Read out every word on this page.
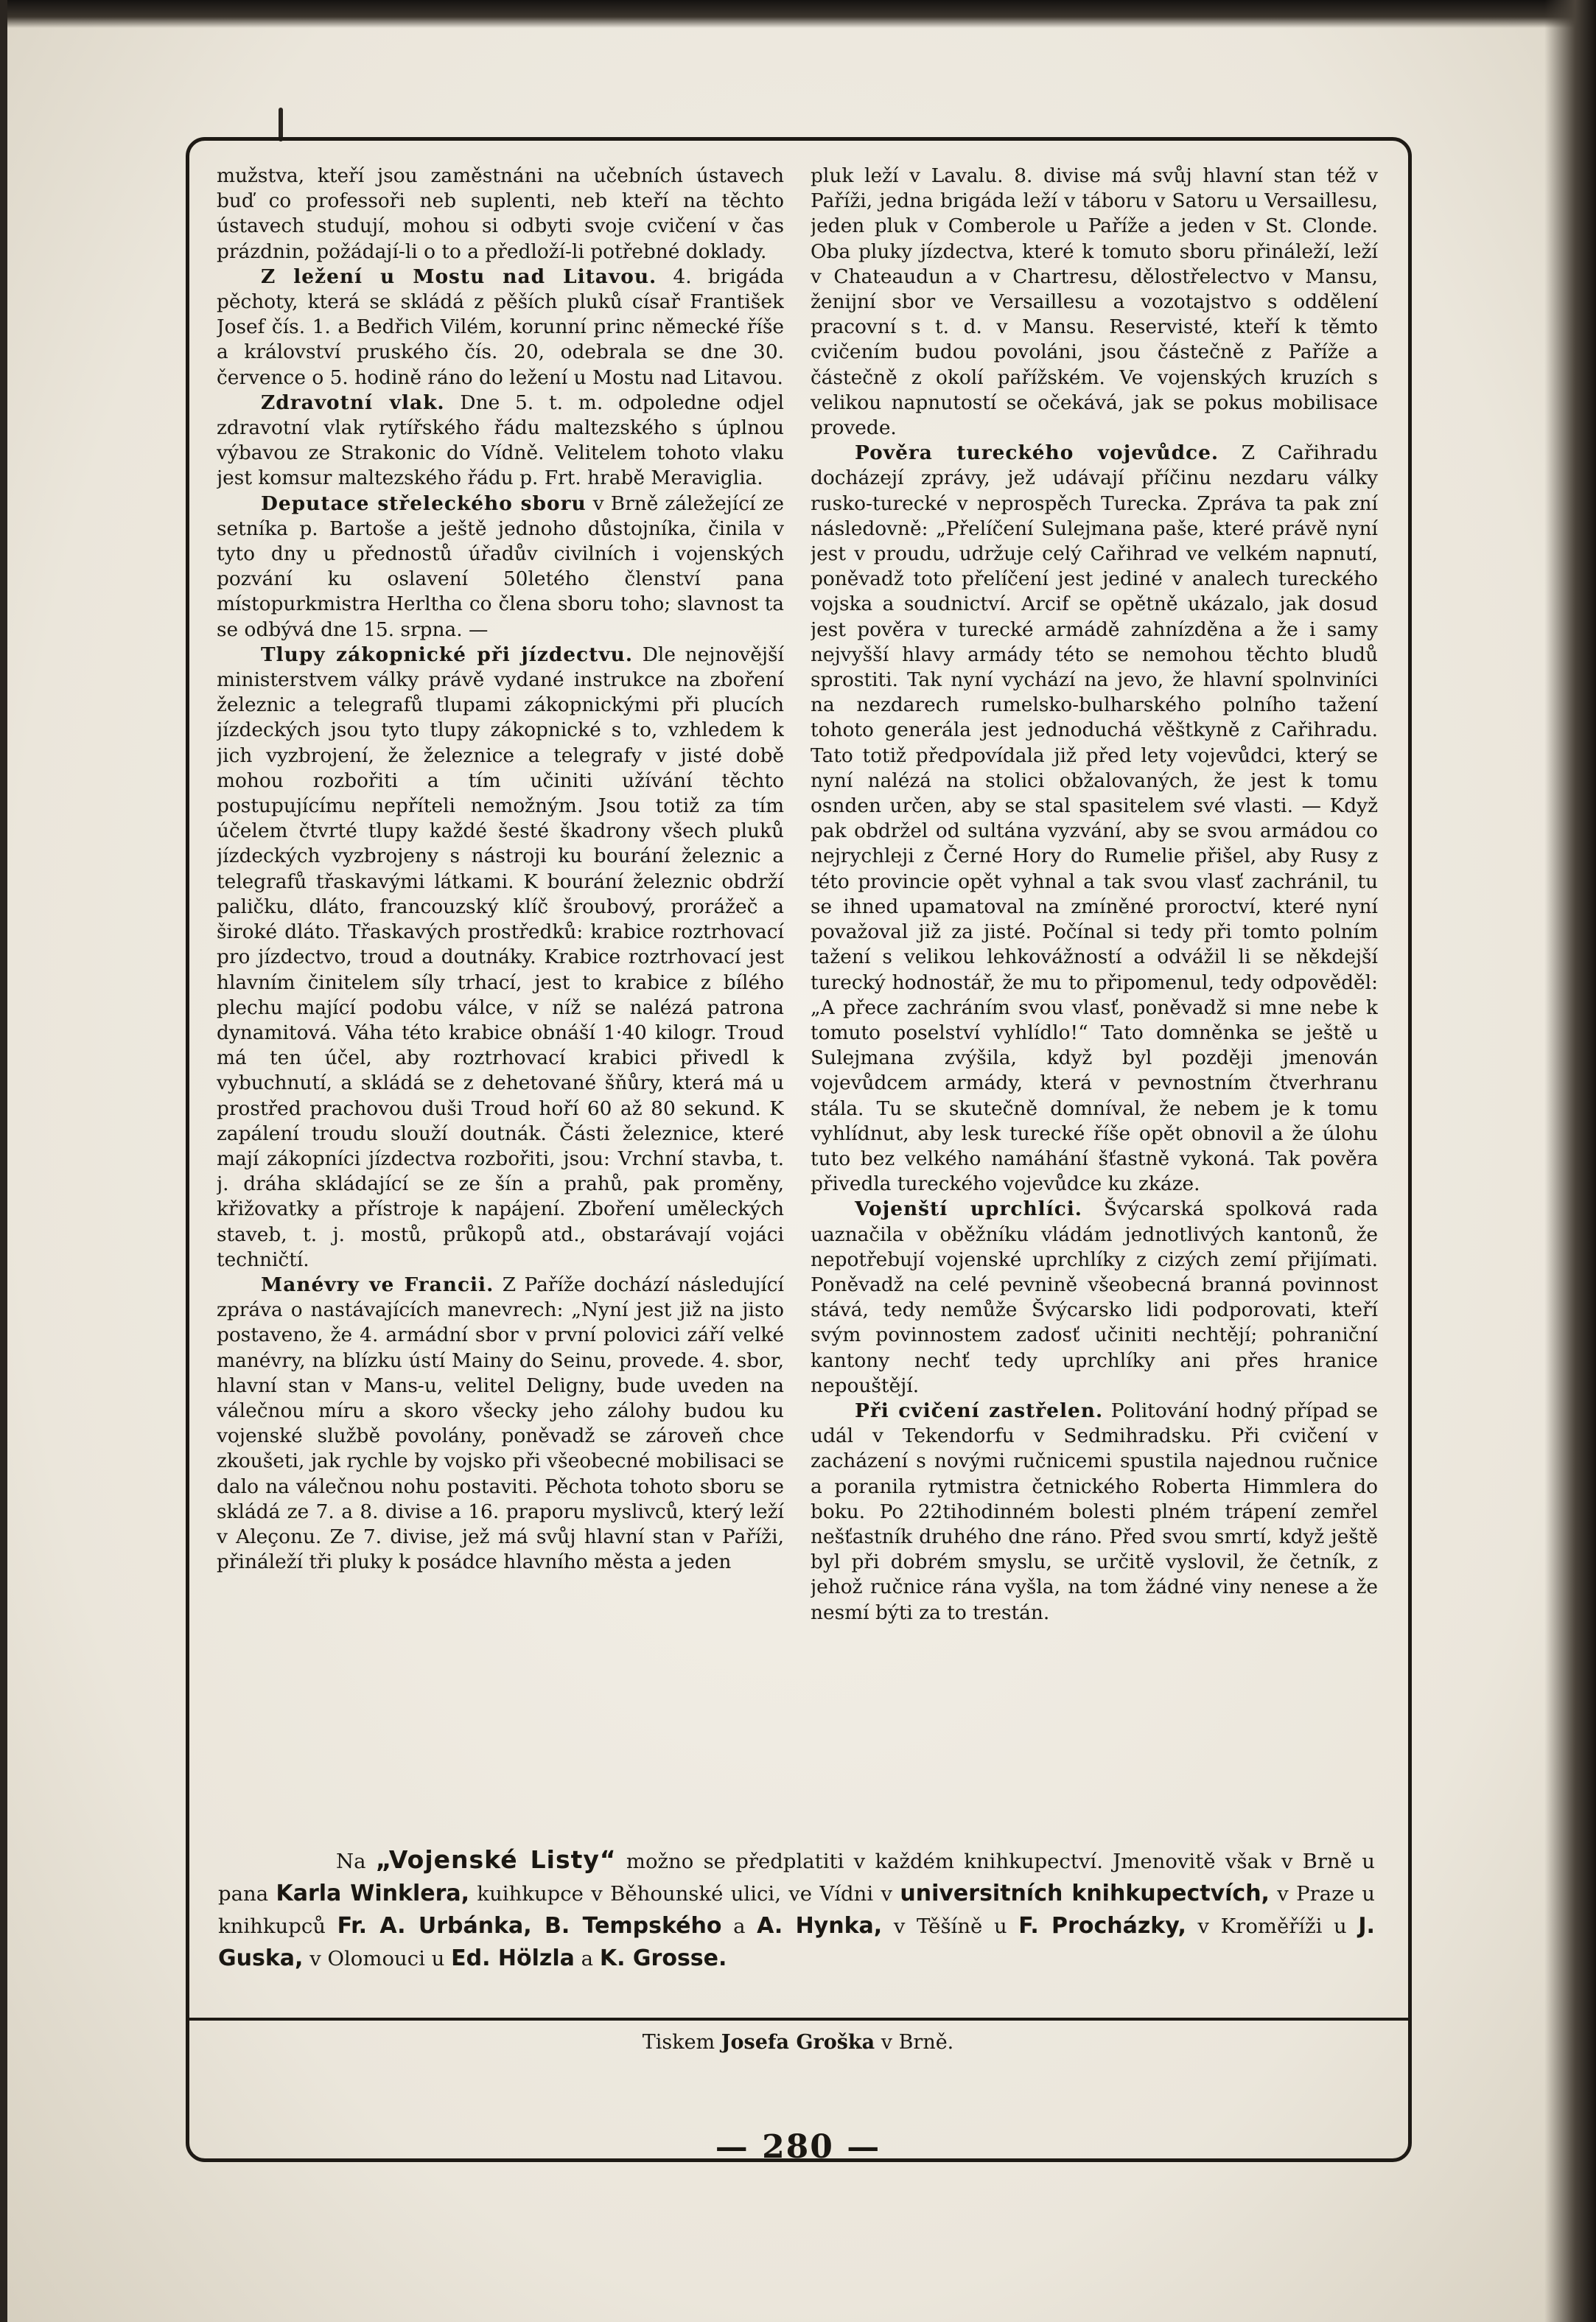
mužstva, kteří jsou zaměstnáni na učebních ústavech buď co professoři neb suplenti, neb kteří na těchto ústavech studují, mohou si odbyti svoje cvičení v čas prázdnin, požádají-li o to a předloží-li potřebné doklady.

Z ležení u Mostu nad Litavou. 4. brigáda pěchoty, která se skládá z pěších pluků císař František Josef čís. 1. a Bedřich Vilém, korunní princ německé říše a království pruského čís. 20, odebrala se dne 30. července o 5. hodině ráno do ležení u Mostu nad Litavou.

Zdravotní vlak. Dne 5. t. m. odpoledne odjel zdravotní vlak rytířského řádu maltezského s úplnou výbavou ze Strakonic do Vídně. Velitelem tohoto vlaku jest komsur maltezského řádu p. Frt. hrabě Meraviglia.

Deputace střeleckého sboru v Brně záležející ze setníka p. Bartoše a ještě jednoho důstojníka, činila v tyto dny u přednostů úřadův civilních i vojenských pozvání ku oslavení 50letého členství pana místopurkmistra Herltha co člena sboru toho; slavnost ta se odbývá dne 15. srpna. —

Tlupy zákopnické při jízdectvu. Dle nejnovější ministerstvem války právě vydané instrukce na zboření železnic a telegrafů tlupami zákopnickými při plucích jízdeckých jsou tyto tlupy zákopnické s to, vzhledem k jich vyzbrojení, že železnice a telegrafy v jisté době mohou rozbořiti a tím učiniti užívání těchto postupujícímu nepříteli nemožným. Jsou totiž za tím účelem čtvrté tlupy každé šesté škadrony všech pluků jízdeckých vyzbrojeny s nástroji ku bourání železnic a telegrafů třaskavými látkami. K bourání železnic obdrží paličku, dláto, francouzský klíč šroubový, prorážeč a široké dláto. Třaskavých prostředků: krabice roztrhovací pro jízdectvo, troud a doutnáky. Krabice roztrhovací jest hlavním činitelem síly trhací, jest to krabice z bílého plechu mající podobu válce, v níž se nalézá patrona dynamitová. Váha této krabice obnáší 1·40 kilogr. Troud má ten účel, aby roztrhovací krabici přivedl k vybuchnutí, a skládá se z dehetované šňůry, která má u prostřed prachovou duši Troud hoří 60 až 80 sekund. K zapálení troudu slouží doutnák. Části železnice, které mají zákopníci jízdectva rozbořiti, jsou: Vrchní stavba, t. j. dráha skládající se ze šín a prahů, pak proměny, křižovatky a přístroje k napájení. Zboření uměleckých staveb, t. j. mostů, průkopů atd., obstarávají vojáci techničtí.

Manévry ve Francii. Z Paříže dochází následující zpráva o nastávajících manevrech: „Nyní jest již na jisto postaveno, že 4. armádní sbor v první polovici září velké manévry, na blízku ústí Mainy do Seinu, provede. 4. sbor, hlavní stan v Mans-u, velitel Deligny, bude uveden na válečnou míru a skoro všecky jeho zálohy budou ku vojenské službě povolány, poněvadž se zároveň chce zkoušeti, jak rychle by vojsko při všeobecné mobilisaci se dalo na válečnou nohu postaviti. Pěchota tohoto sboru se skládá ze 7. a 8. divise a 16. praporu myslivců, který leží v Aleçonu. Ze 7. divise, jež má svůj hlavní stan v Paříži, přináleží tři pluky k posádce hlavního města a jeden

pluk leží v Lavalu. 8. divise má svůj hlavní stan též v Paříži, jedna brigáda leží v táboru v Satoru u Versaillesu, jeden pluk v Comberole u Paříže a jeden v St. Clonde. Oba pluky jízdectva, které k tomuto sboru přináleží, leží v Chateaudun a v Chartresu, dělostřelectvo v Mansu, ženijní sbor ve Versaillesu a vozotajstvo s oddělení pracovní s t. d. v Mansu. Reservisté, kteří k těmto cvičením budou povoláni, jsou částečně z Paříže a částečně z okolí pařížském. Ve vojenských kruzích s velikou napnutostí se očekává, jak se pokus mobilisace provede.

Pověra tureckého vojevůdce. Z Cařihradu docházejí zprávy, jež udávají příčinu nezdaru války rusko-turecké v neprospěch Turecka. Zpráva ta pak zní následovně: „Přelíčení Sulejmana paše, které právě nyní jest v proudu, udržuje celý Cařihrad ve velkém napnutí, poněvadž toto přelíčení jest jediné v analech tureckého vojska a soudnictví. Arcif se opětně ukázalo, jak dosud jest pověra v turecké armádě zahnízděna a že i samy nejvyšší hlavy armády této se nemohou těchto bludů sprostiti. Tak nyní vychází na jevo, že hlavní spolnviníci na nezdarech rumelsko-bulharského polního tažení tohoto generála jest jednoduchá věštkyně z Cařihradu. Tato totiž předpovídala již před lety vojevůdci, který se nyní nalézá na stolici obžalovaných, že jest k tomu osnden určen, aby se stal spasitelem své vlasti. — Když pak obdržel od sultána vyzvání, aby se svou armádou co nejrychleji z Černé Hory do Rumelie přišel, aby Rusy z této provincie opět vyhnal a tak svou vlasť zachránil, tu se ihned upamatoval na zmíněné proroctví, které nyní považoval již za jisté. Počínal si tedy při tomto polním tažení s velikou lehkovážností a odvážil li se někdejší turecký hodnostář, že mu to připomenul, tedy odpověděl: „A přece zachráním svou vlasť, poněvadž si mne nebe k tomuto poselství vyhlídlo!“ Tato domněnka se ještě u Sulejmana zvýšila, když byl později jmenován vojevůdcem armády, která v pevnostním čtverhranu stála. Tu se skutečně domníval, že nebem je k tomu vyhlídnut, aby lesk turecké říše opět obnovil a že úlohu tuto bez velkého namáhání šťastně vykoná. Tak pověra přivedla tureckého vojevůdce ku zkáze.

Vojenští uprchlíci. Švýcarská spolková rada uaznačila v oběžníku vládám jednotlivých kantonů, že nepotřebují vojenské uprchlíky z cizých zemí přijímati. Poněvadž na celé pevnině všeobecná branná povinnost stává, tedy nemůže Švýcarsko lidi podporovati, kteří svým povinnostem zadosť učiniti nechtějí; pohraniční kantony nechť tedy uprchlíky ani přes hranice nepouštějí.

Při cvičení zastřelen. Politování hodný případ se udál v Tekendorfu v Sedmihradsku. Při cvičení v zacházení s novými ručnicemi spustila najednou ručnice a poranila rytmistra četnického Roberta Himmlera do boku. Po 22tihodinném bolesti plném trápení zemřel nešťastník druhého dne ráno. Před svou smrtí, když ještě byl při dobrém smyslu, se určitě vyslovil, že četník, z jehož ručnice rána vyšla, na tom žádné viny nenese a že nesmí býti za to trestán.

Na „Vojenské Listy“ možno se předplatiti v každém knihkupectví. Jmenovitě však v Brně u pana Karla Winklera, kuihkupce v Běhounské ulici, ve Vídni v universitních knihkupectvích, v Praze u knihkupců Fr. A. Urbánka, B. Tempského a A. Hynka, v Těšíně u F. Procházky, v Kroměříži u J. Guska, v Olomouci u Ed. Hölzla a K. Grosse.
Tiskem Josefa Groška v Brně.
— 280 —
